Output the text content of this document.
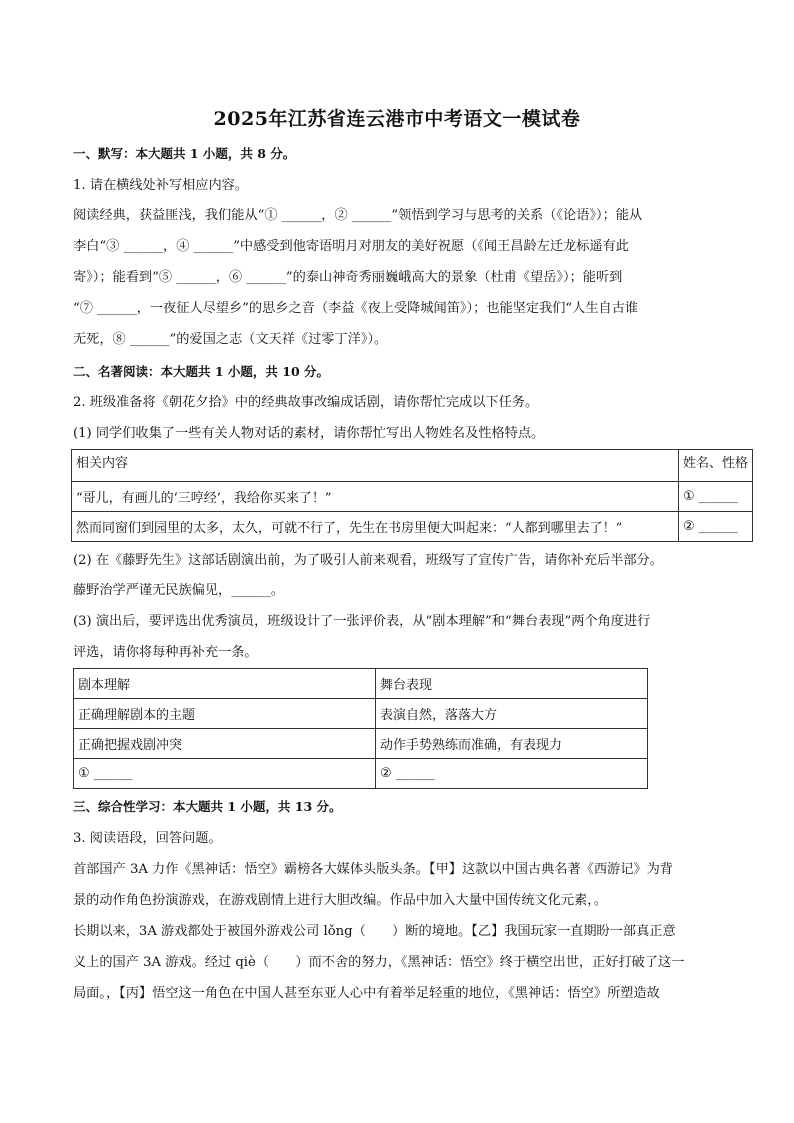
2025年江苏省连云港市中考语文一模试卷
一、默写：本大题共 1 小题，共 8 分。
1. 请在横线处补写相应内容。
阅读经典，获益匪浅，我们能从“① ______，② ______”领悟到学习与思考的关系（《论语》）；能从
李白“③ ______，④ ______”中感受到他寄语明月对朋友的美好祝愿（《闻王昌龄左迁龙标遥有此
寄》）；能看到“⑤ ______，⑥ ______”的泰山神奇秀丽巍峨高大的景象（杜甫《望岳》）；能听到
“⑦ ______，一夜征人尽望乡”的思乡之音（李益《夜上受降城闻笛》）；也能坚定我们“人生自古谁
无死，⑧ ______”的爱国之志（文天祥《过零丁洋》）。
二、名著阅读：本大题共 1 小题，共 10 分。
2. 班级准备将《朝花夕拾》中的经典故事改编成话剧，请你帮忙完成以下任务。
(1) 同学们收集了一些有关人物对话的素材，请你帮忙写出人物姓名及性格特点。
相关内容	姓名、性格
“哥儿，有画儿的‘三哼经’，我给你买来了！”	① ______
然而同窗们到园里的太多，太久，可就不行了，先生在书房里便大叫起来：“人都到哪里去了！”	② ______
(2) 在《藤野先生》这部话剧演出前，为了吸引人前来观看，班级写了宣传广告，请你补充后半部分。
藤野治学严谨无民族偏见，______。
(3) 演出后，要评选出优秀演员，班级设计了一张评价表，从“剧本理解”和“舞台表现”两个角度进行
评选，请你将每种再补充一条。
剧本理解	舞台表现
正确理解剧本的主题	表演自然，落落大方
正确把握戏剧冲突	动作手势熟练而准确，有表现力
① ______	② ______
三、综合性学习：本大题共 1 小题，共 13 分。
3. 阅读语段，回答问题。
首部国产 3A 力作《黑神话：悟空》霸榜各大媒体头版头条。【甲】这款以中国古典名著《西游记》为背
景的动作角色扮演游戏，在游戏剧情上进行大胆改编。作品中加入大量中国传统文化元素，。
长期以来，3A 游戏都处于被国外游戏公司 lǒng（　　）断的境地。【乙】我国玩家一直期盼一部真正意
义上的国产 3A 游戏。经过 qiè（　　）而不舍的努力，《黑神话：悟空》终于横空出世，正好打破了这一
局面。，【丙】悟空这一角色在中国人甚至东亚人心中有着举足轻重的地位，《黑神话：悟空》所塑造故
